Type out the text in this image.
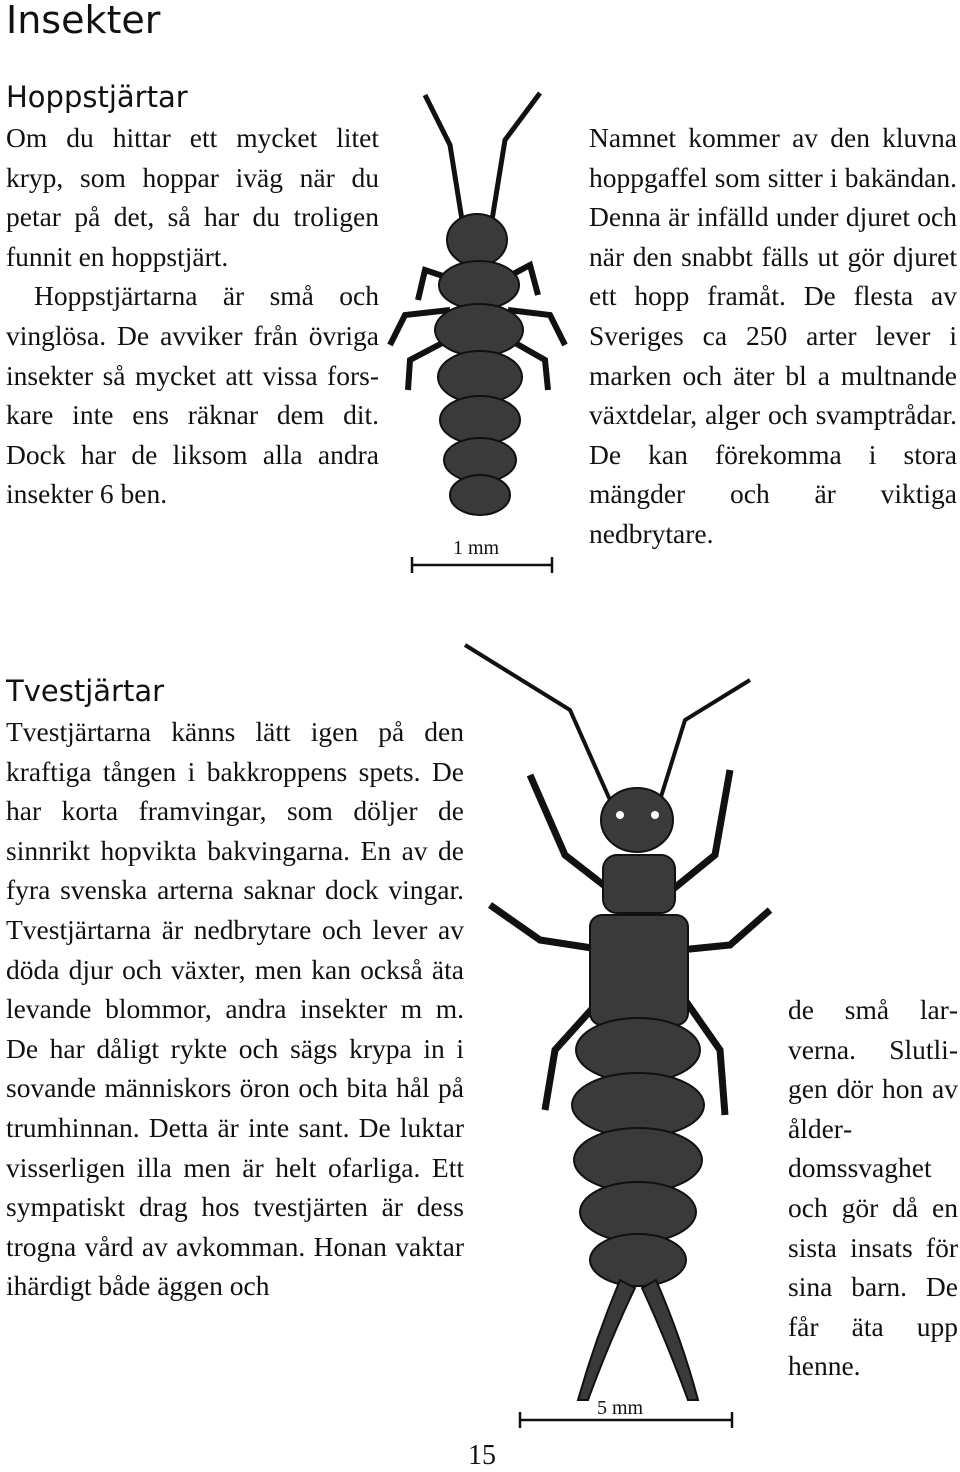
Insekter
Hoppstjärtar

Om du hittar ett mycket litet kryp, som hoppar iväg när du petar på det, så har du troligen funnit en hoppstjärt.

Hoppstjärtarna är små och vinglösa. De avviker från övriga insekter så mycket att vissa forskare inte ens räknar dem dit. Dock har de liksom alla andra insekter 6 ben.

1 mm

Namnet kommer av den kluvna hoppgaffel som sitter i bakändan. Denna är infälld under djuret och när den snabbt fälls ut gör djuret ett hopp framåt. De flesta av Sveriges ca 250 arter lever i marken och äter bl a multnande växtdelar, alger och svamptrådar. De kan förekomma i stora mängder och är viktiga nedbrytare.

Tvestjärtar

Tvestjärtarna känns lätt igen på den kraftiga tången i bakkroppens spets. De har korta framvingar, som döljer de sinnrikt hopvikta bakvingarna. En av de fyra svenska arterna saknar dock vingar. Tvestjärtarna är nedbrytare och lever av döda djur och växter, men kan också äta levande blommor, andra insekter m m. De har dåligt rykte och sägs krypa in i sovande människors öron och bita hål på trumhinnan. Detta är inte sant. De luktar visserligen illa men är helt ofarliga. Ett sympatiskt drag hos tvestjärten är dess trogna vård av avkomman. Honan vaktar ihärdigt både äggen och

5 mm

de små larverna. Slutligen dör hon av ålderdomssvaghet och gör då en sista insats för sina barn. De får äta upp henne.

15
